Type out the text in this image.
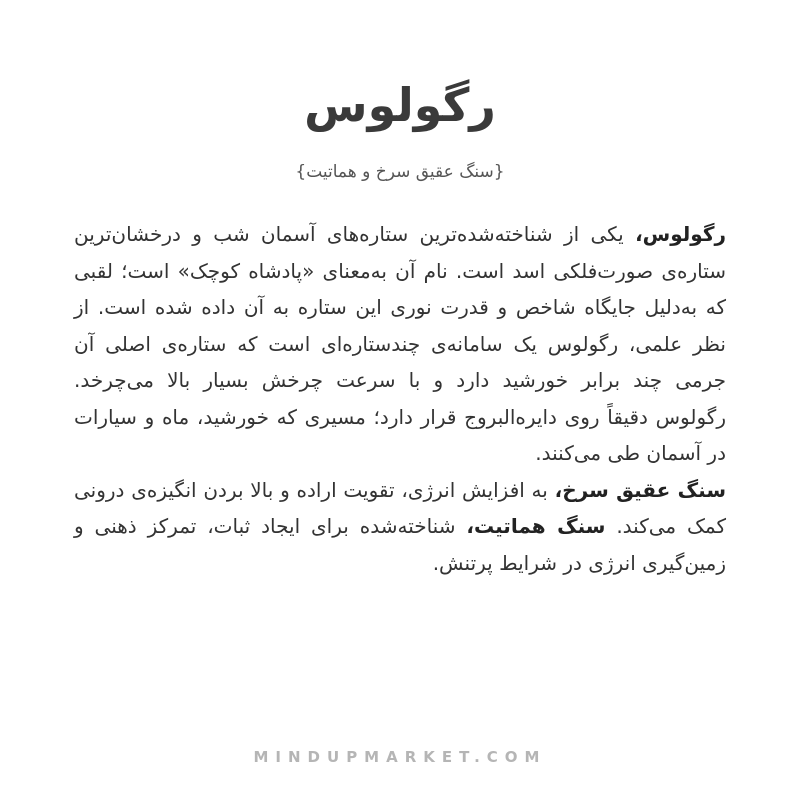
رگولوس
{سنگ عقیق سرخ و هماتیت}

رگولوس، یکی از شناخته‌شده‌ترین ستاره‌های آسمان شب و درخشان‌ترین ستاره‌ی صورت‌فلکی اسد است. نام آن به‌معنای «پادشاه کوچک» است؛ لقبی که به‌دلیل جایگاه شاخص و قدرت نوری این ستاره به آن داده شده است. از نظر علمی، رگولوس یک سامانه‌ی چندستاره‌ای است که ستاره‌ی اصلی آن جرمی چند برابر خورشید دارد و با سرعت چرخش بسیار بالا می‌چرخد. رگولوس دقیقاً روی دایره‌البروج قرار دارد؛ مسیری که خورشید، ماه و سیارات در آسمان طی می‌کنند.

سنگ عقیق سرخ، به افزایش انرژی، تقویت اراده و بالا بردن انگیزه‌ی درونی کمک می‌کند. سنگ هماتیت، شناخته‌شده برای ایجاد ثبات، تمرکز ذهنی و زمین‌گیری انرژی در شرایط پرتنش.

MINDUPMARKET.COM
